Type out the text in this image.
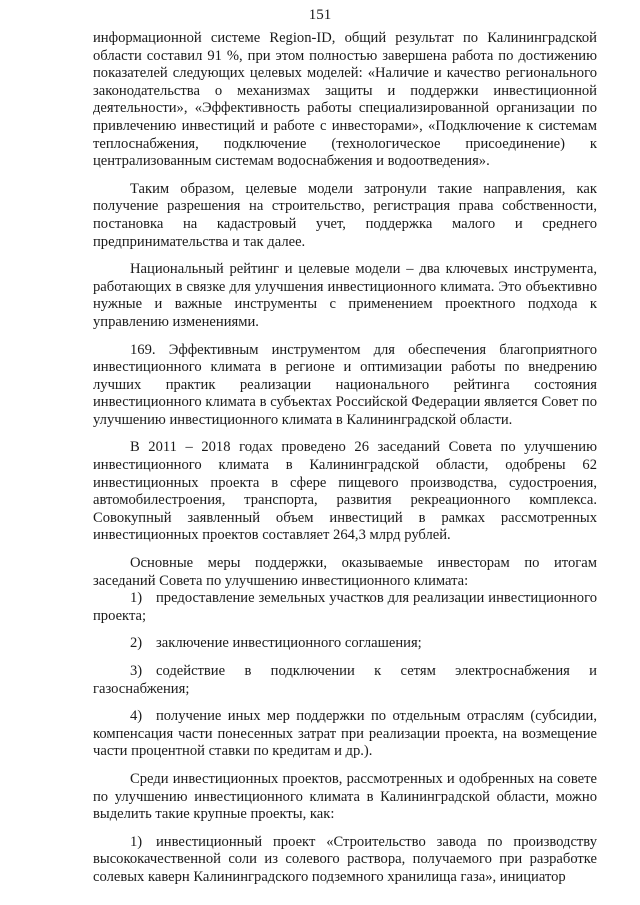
151

информационной системе Region-ID, общий результат по Калининградской области составил 91 %, при этом полностью завершена работа по достижению показателей следующих целевых моделей: «Наличие и качество регионального законодательства о механизмах защиты и поддержки инвестиционной деятельности», «Эффективность работы специализированной организации по привлечению инвестиций и работе с инвесторами», «Подключение к системам теплоснабжения, подключение (технологическое присоединение) к централизованным системам водоснабжения и водоотведения».

Таким образом, целевые модели затронули такие направления, как получение разрешения на строительство, регистрация права собственности, постановка на кадастровый учет, поддержка малого и среднего предпринимательства и так далее.

Национальный рейтинг и целевые модели – два ключевых инструмента, работающих в связке для улучшения инвестиционного климата. Это объективно нужные и важные инструменты с применением проектного подхода к управлению изменениями.

169. Эффективным инструментом для обеспечения благоприятного инвестиционного климата в регионе и оптимизации работы по внедрению лучших практик реализации национального рейтинга состояния инвестиционного климата в субъектах Российской Федерации является Совет по улучшению инвестиционного климата в Калининградской области.

В 2011 – 2018 годах проведено 26 заседаний Совета по улучшению инвестиционного климата в Калининградской области, одобрены 62 инвестиционных проекта в сфере пищевого производства, судостроения, автомобилестроения, транспорта, развития рекреационного комплекса. Совокупный заявленный объем инвестиций в рамках рассмотренных инвестиционных проектов составляет 264,3 млрд рублей.

Основные меры поддержки, оказываемые инвесторам по итогам заседаний Совета по улучшению инвестиционного климата:

1) предоставление земельных участков для реализации инвестиционного проекта;

2) заключение инвестиционного соглашения;

3) содействие в подключении к сетям электроснабжения и газоснабжения;

4) получение иных мер поддержки по отдельным отраслям (субсидии, компенсация части понесенных затрат при реализации проекта, на возмещение части процентной ставки по кредитам и др.).

Среди инвестиционных проектов, рассмотренных и одобренных на совете по улучшению инвестиционного климата в Калининградской области, можно выделить такие крупные проекты, как:

1) инвестиционный проект «Строительство завода по производству высококачественной соли из солевого раствора, получаемого при разработке солевых каверн Калининградского подземного хранилища газа», инициатор
